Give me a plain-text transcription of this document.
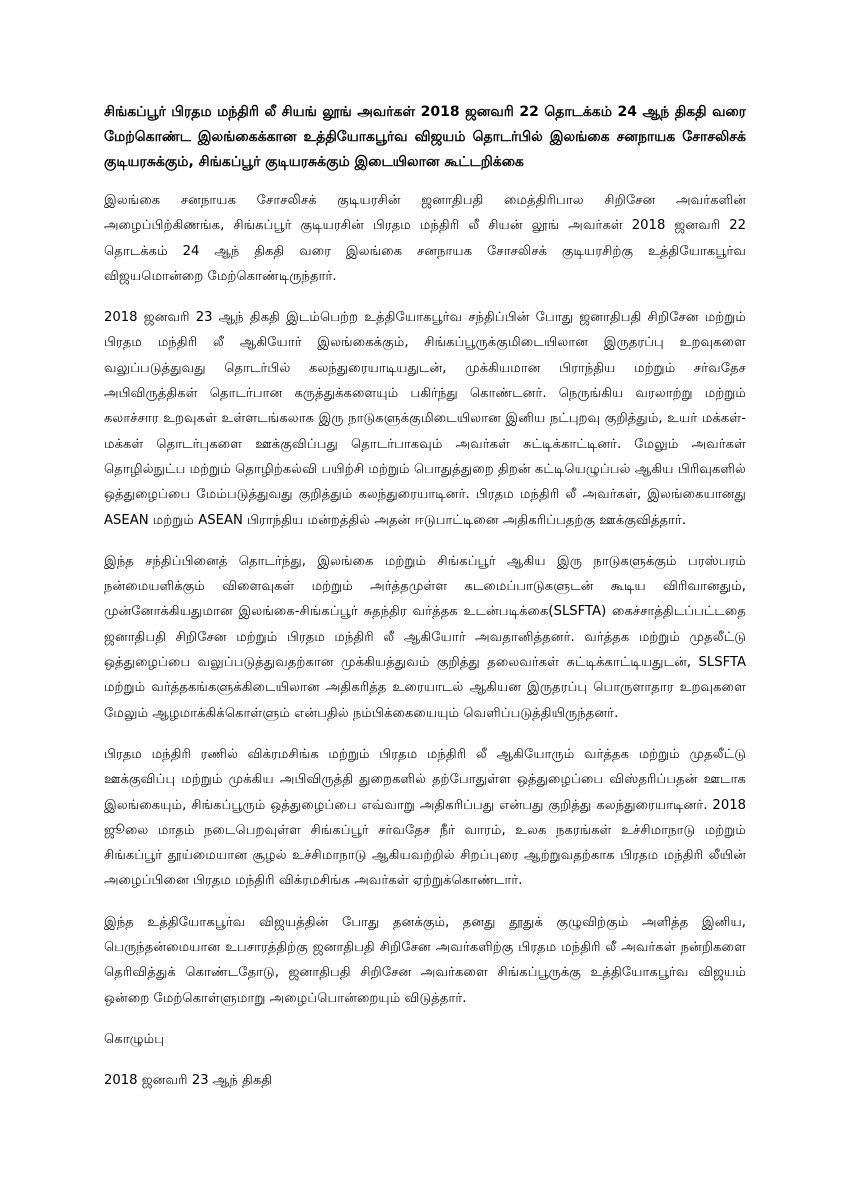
சிங்கப்பூர் பிரதம மந்திரி லீ சியங் லூங் அவர்கள் 2018 ஜனவரி 22 தொடக்கம் 24 ஆந் திகதி வரை மேற்கொண்ட இலங்கைக்கான உத்தியோகபூர்வ விஜயம் தொடர்பில் இலங்கை சனநாயக சோசலிசக் குடியரசுக்கும், சிங்கப்பூர் குடியரசுக்கும் இடையிலான கூட்டறிக்கை

இலங்கை சனநாயக சோசலிசக் குடியரசின் ஜனாதிபதி மைத்திரிபால சிறிசேன அவர்களின் அழைப்பிற்கிணங்க, சிங்கப்பூர் குடியரசின் பிரதம மந்திரி லீ சியன் லூங் அவர்கள் 2018 ஜனவரி 22 தொடக்கம் 24 ஆந் திகதி வரை இலங்கை சனநாயக சோசலிசக் குடியரசிற்கு உத்தியோகபூர்வ விஜயமொன்றை மேற்கொண்டிருந்தார்.

2018 ஜனவரி 23 ஆந் திகதி இடம்பெற்ற உத்தியோகபூர்வ சந்திப்பின் போது ஜனாதிபதி சிறிசேன மற்றும் பிரதம மந்திரி லீ ஆகியோர் இலங்கைக்கும், சிங்கப்பூருக்குமிடையிலான இருதரப்பு உறவுகளை வலுப்படுத்துவது தொடர்பில் கலந்துரையாடியதுடன், முக்கியமான பிராந்திய மற்றும் சர்வதேச அபிவிருத்திகள் தொடர்பான கருத்துக்களையும் பகிர்ந்து கொண்டனர். நெருங்கிய வரலாற்று மற்றும் கலாச்சார உறவுகள் உள்ளடங்கலாக இரு நாடுகளுக்குமிடையிலான இனிய நட்புறவு குறித்தும், உயர் மக்கள்-மக்கள் தொடர்புகளை ஊக்குவிப்பது தொடர்பாகவும் அவர்கள் சுட்டிக்காட்டினர். மேலும் அவர்கள் தொழில்நுட்ப மற்றும் தொழிற்கல்வி பயிற்சி மற்றும் பொதுத்துறை திறன் கட்டியெழுப்பல் ஆகிய பிரிவுகளில் ஒத்துழைப்பை மேம்படுத்துவது குறித்தும் கலந்துரையாடினர். பிரதம மந்திரி லீ அவர்கள், இலங்கையானது ASEAN மற்றும் ASEAN பிராந்திய மன்றத்தில் அதன் ஈடுபாட்டினை அதிகரிப்பதற்கு ஊக்குவித்தார்.

இந்த சந்திப்பினைத் தொடர்ந்து, இலங்கை மற்றும் சிங்கப்பூர் ஆகிய இரு நாடுகளுக்கும் பரஸ்பரம் நன்மையளிக்கும் விளைவுகள் மற்றும் அர்த்தமுள்ள கடமைப்பாடுகளுடன் கூடிய விரிவானதும், முன்னோக்கியதுமான இலங்கை-சிங்கப்பூர் சுதந்திர வர்த்தக உடன்படிக்கை(SLSFTA) கைச்சாத்திடப்பட்டதை ஜனாதிபதி சிறிசேன மற்றும் பிரதம மந்திரி லீ ஆகியோர் அவதானித்தனர். வர்த்தக மற்றும் முதலீட்டு ஒத்துழைப்பை வலுப்படுத்துவதற்கான முக்கியத்துவம் குறித்து தலைவர்கள் சுட்டிக்காட்டியதுடன், SLSFTA மற்றும் வர்த்தகங்களுக்கிடையிலான அதிகரித்த உரையாடல் ஆகியன இருதரப்பு பொருளாதார உறவுகளை மேலும் ஆழமாக்கிக்கொள்ளும் என்பதில் நம்பிக்கையையும் வெளிப்படுத்தியிருந்தனர்.

பிரதம மந்திரி ரணில் விக்ரமசிங்க மற்றும் பிரதம மந்திரி லீ ஆகியோரும் வர்த்தக மற்றும் முதலீட்டு ஊக்குவிப்பு மற்றும் முக்கிய அபிவிருத்தி துறைகளில் தற்போதுள்ள ஒத்துழைப்பை விஸ்தரிப்பதன் ஊடாக இலங்கையும், சிங்கப்பூரும் ஒத்துழைப்பை எவ்வாறு அதிகரிப்பது என்பது குறித்து கலந்துரையாடினர். 2018 ஜூலை மாதம் நடைபெறவுள்ள சிங்கப்பூர் சர்வதேச நீர் வாரம், உலக நகரங்கள் உச்சிமாநாடு மற்றும் சிங்கப்பூர் தூய்மையான சூழல் உச்சிமாநாடு ஆகியவற்றில் சிறப்புரை ஆற்றுவதற்காக பிரதம மந்திரி லீயின் அழைப்பினை பிரதம மந்திரி விக்ரமசிங்க அவர்கள் ஏற்றுக்கொண்டார்.

இந்த உத்தியோகபூர்வ விஜயத்தின் போது தனக்கும், தனது தூதுக் குழுவிற்கும் அளித்த இனிய, பெருந்தன்மையான உபசாரத்திற்கு ஜனாதிபதி சிறிசேன அவர்களிற்கு பிரதம மந்திரி லீ அவர்கள் நன்றிகளை தெரிவித்துக் கொண்டதோடு, ஜனாதிபதி சிறிசேன அவர்களை சிங்கப்பூருக்கு உத்தியோகபூர்வ விஜயம் ஒன்றை மேற்கொள்ளுமாறு அழைப்பொன்றையும் விடுத்தார்.

கொழும்பு

2018 ஜனவரி 23 ஆந் திகதி
